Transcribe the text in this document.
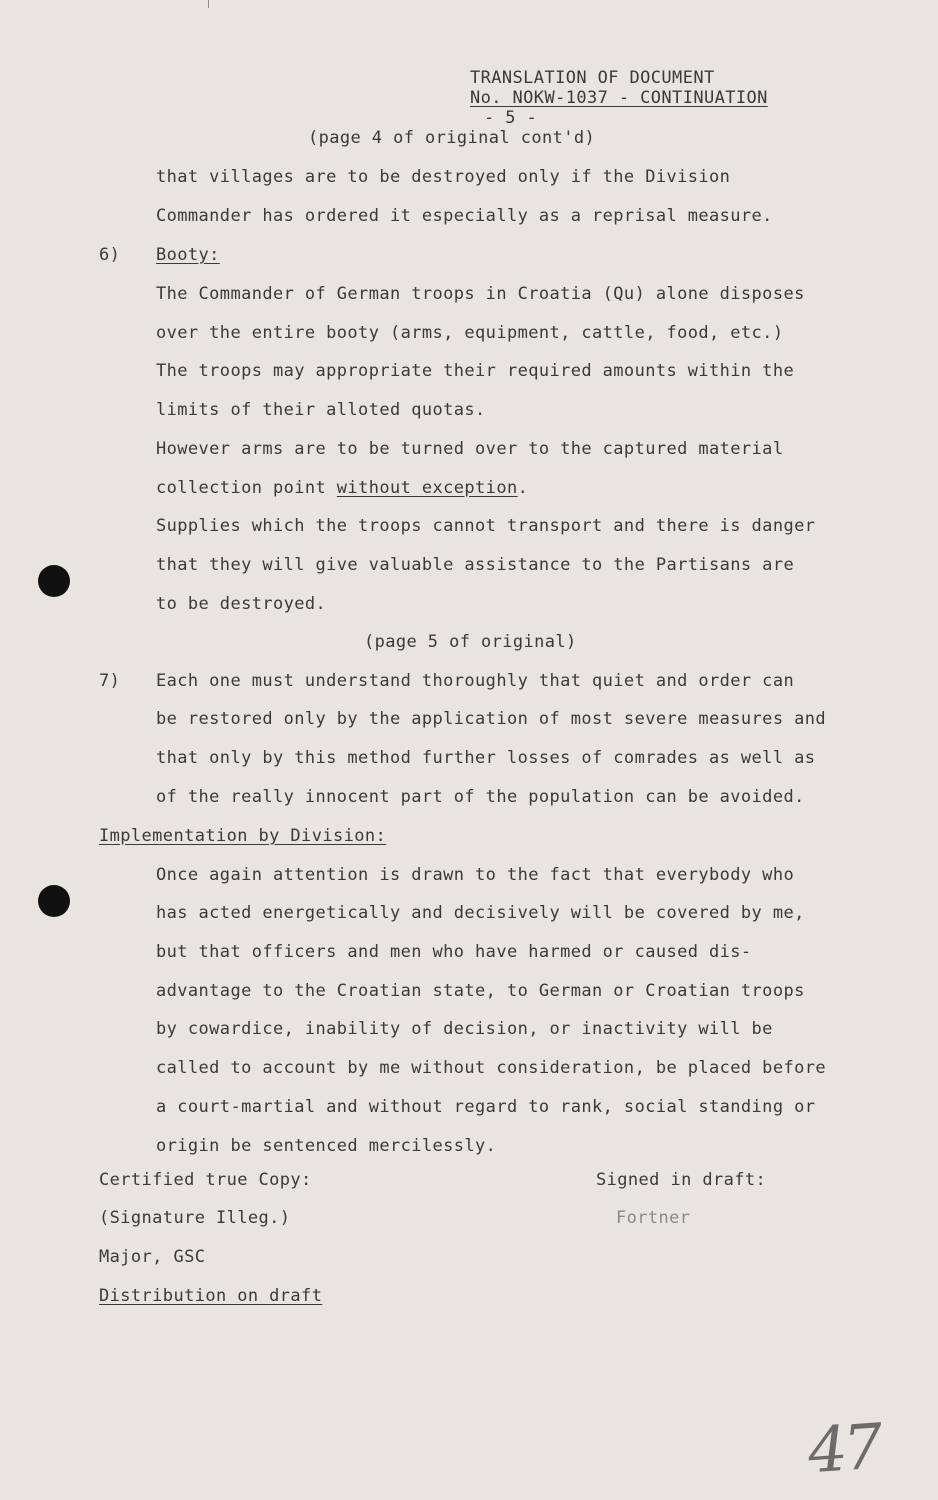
TRANSLATION OF DOCUMENT
No. NOKW-1037 - CONTINUATION
- 5 -
(page 4 of original cont'd)
that villages are to be destroyed only if the Division
Commander has ordered it especially as a reprisal measure.
6) Booty:
The Commander of German troops in Croatia (Qu) alone disposes
over the entire booty (arms, equipment, cattle, food, etc.)
The troops may appropriate their required amounts within the
limits of their alloted quotas.
However arms are to be turned over to the captured material
collection point without exception.
Supplies which the troops cannot transport and there is danger
that they will give valuable assistance to the Partisans are
to be destroyed.
(page 5 of original)
7) Each one must understand thoroughly that quiet and order can
be restored only by the application of most severe measures and
that only by this method further losses of comrades as well as
of the really innocent part of the population can be avoided.
Implementation by Division:
Once again attention is drawn to the fact that everybody who
has acted energetically and decisively will be covered by me,
but that officers and men who have harmed or caused dis-
advantage to the Croatian state, to German or Croatian troops
by cowardice, inability of decision, or inactivity will be
called to account by me without consideration, be placed before
a court-martial and without regard to rank, social standing or
origin be sentenced mercilessly.
Certified true Copy:	Signed in draft:
(Signature Illeg.)	Fortner
Major, GSC
Distribution on draft
47
